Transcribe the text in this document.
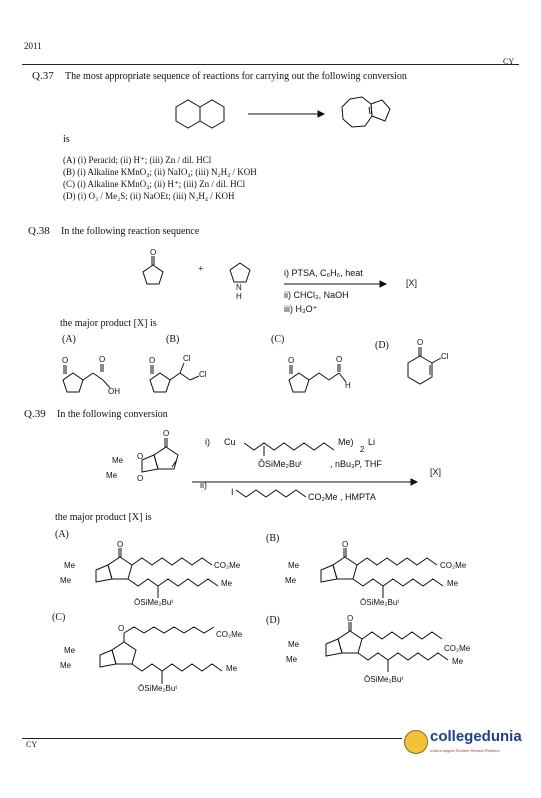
2011
CY
Q.37 The most appropriate sequence of reactions for carrying out the following conversion
is
(A) (i) Peracid; (ii) H⁺; (iii) Zn / dil. HCl
(B) (i) Alkaline KMnO₄; (ii) NaIO₄; (iii) N₂H₄ / KOH
(C) (i) Alkaline KMnO₄; (ii) H⁺; (iii) Zn / dil. HCl
(D) (i) O₃ / Me₂S; (ii) NaOEt; (iii) N₂H₄ / KOH
Q.38 In the following reaction sequence
O
+
N
H
i) PTSA, C₆H₆, heat
ii) CHCl₃, NaOH
iii) H₃O⁺
[X]
the major product [X] is
(A)	(B)	(C)
(D)
O	O
OH
O	Cl
Cl
O	O
H
O
Cl
Q.39 In the following conversion
i) Cu	Me)
2
Li
ŌSiMe₂Buᵗ	, nBu₃P, THF
ii)
I	CO₂Me , HMPTA
[X]
O
Me
Me
O
O
the major product [X] is
(A)	(B)
(C)	(D)
O
Me
Me
CO₂Me
Me
ŌSiMe₂Buᵗ
O
Me
Me
CO₂Me
Me
ŌSiMe₂Buᵗ
O
Me
Me
CO₂Me
Me
ŌSiMe₂Buᵗ
O
Me
Me
CO₂Me
Me
ŌSiMe₂Buᵗ
CY	collegedunia
India's largest Student Review Platform
